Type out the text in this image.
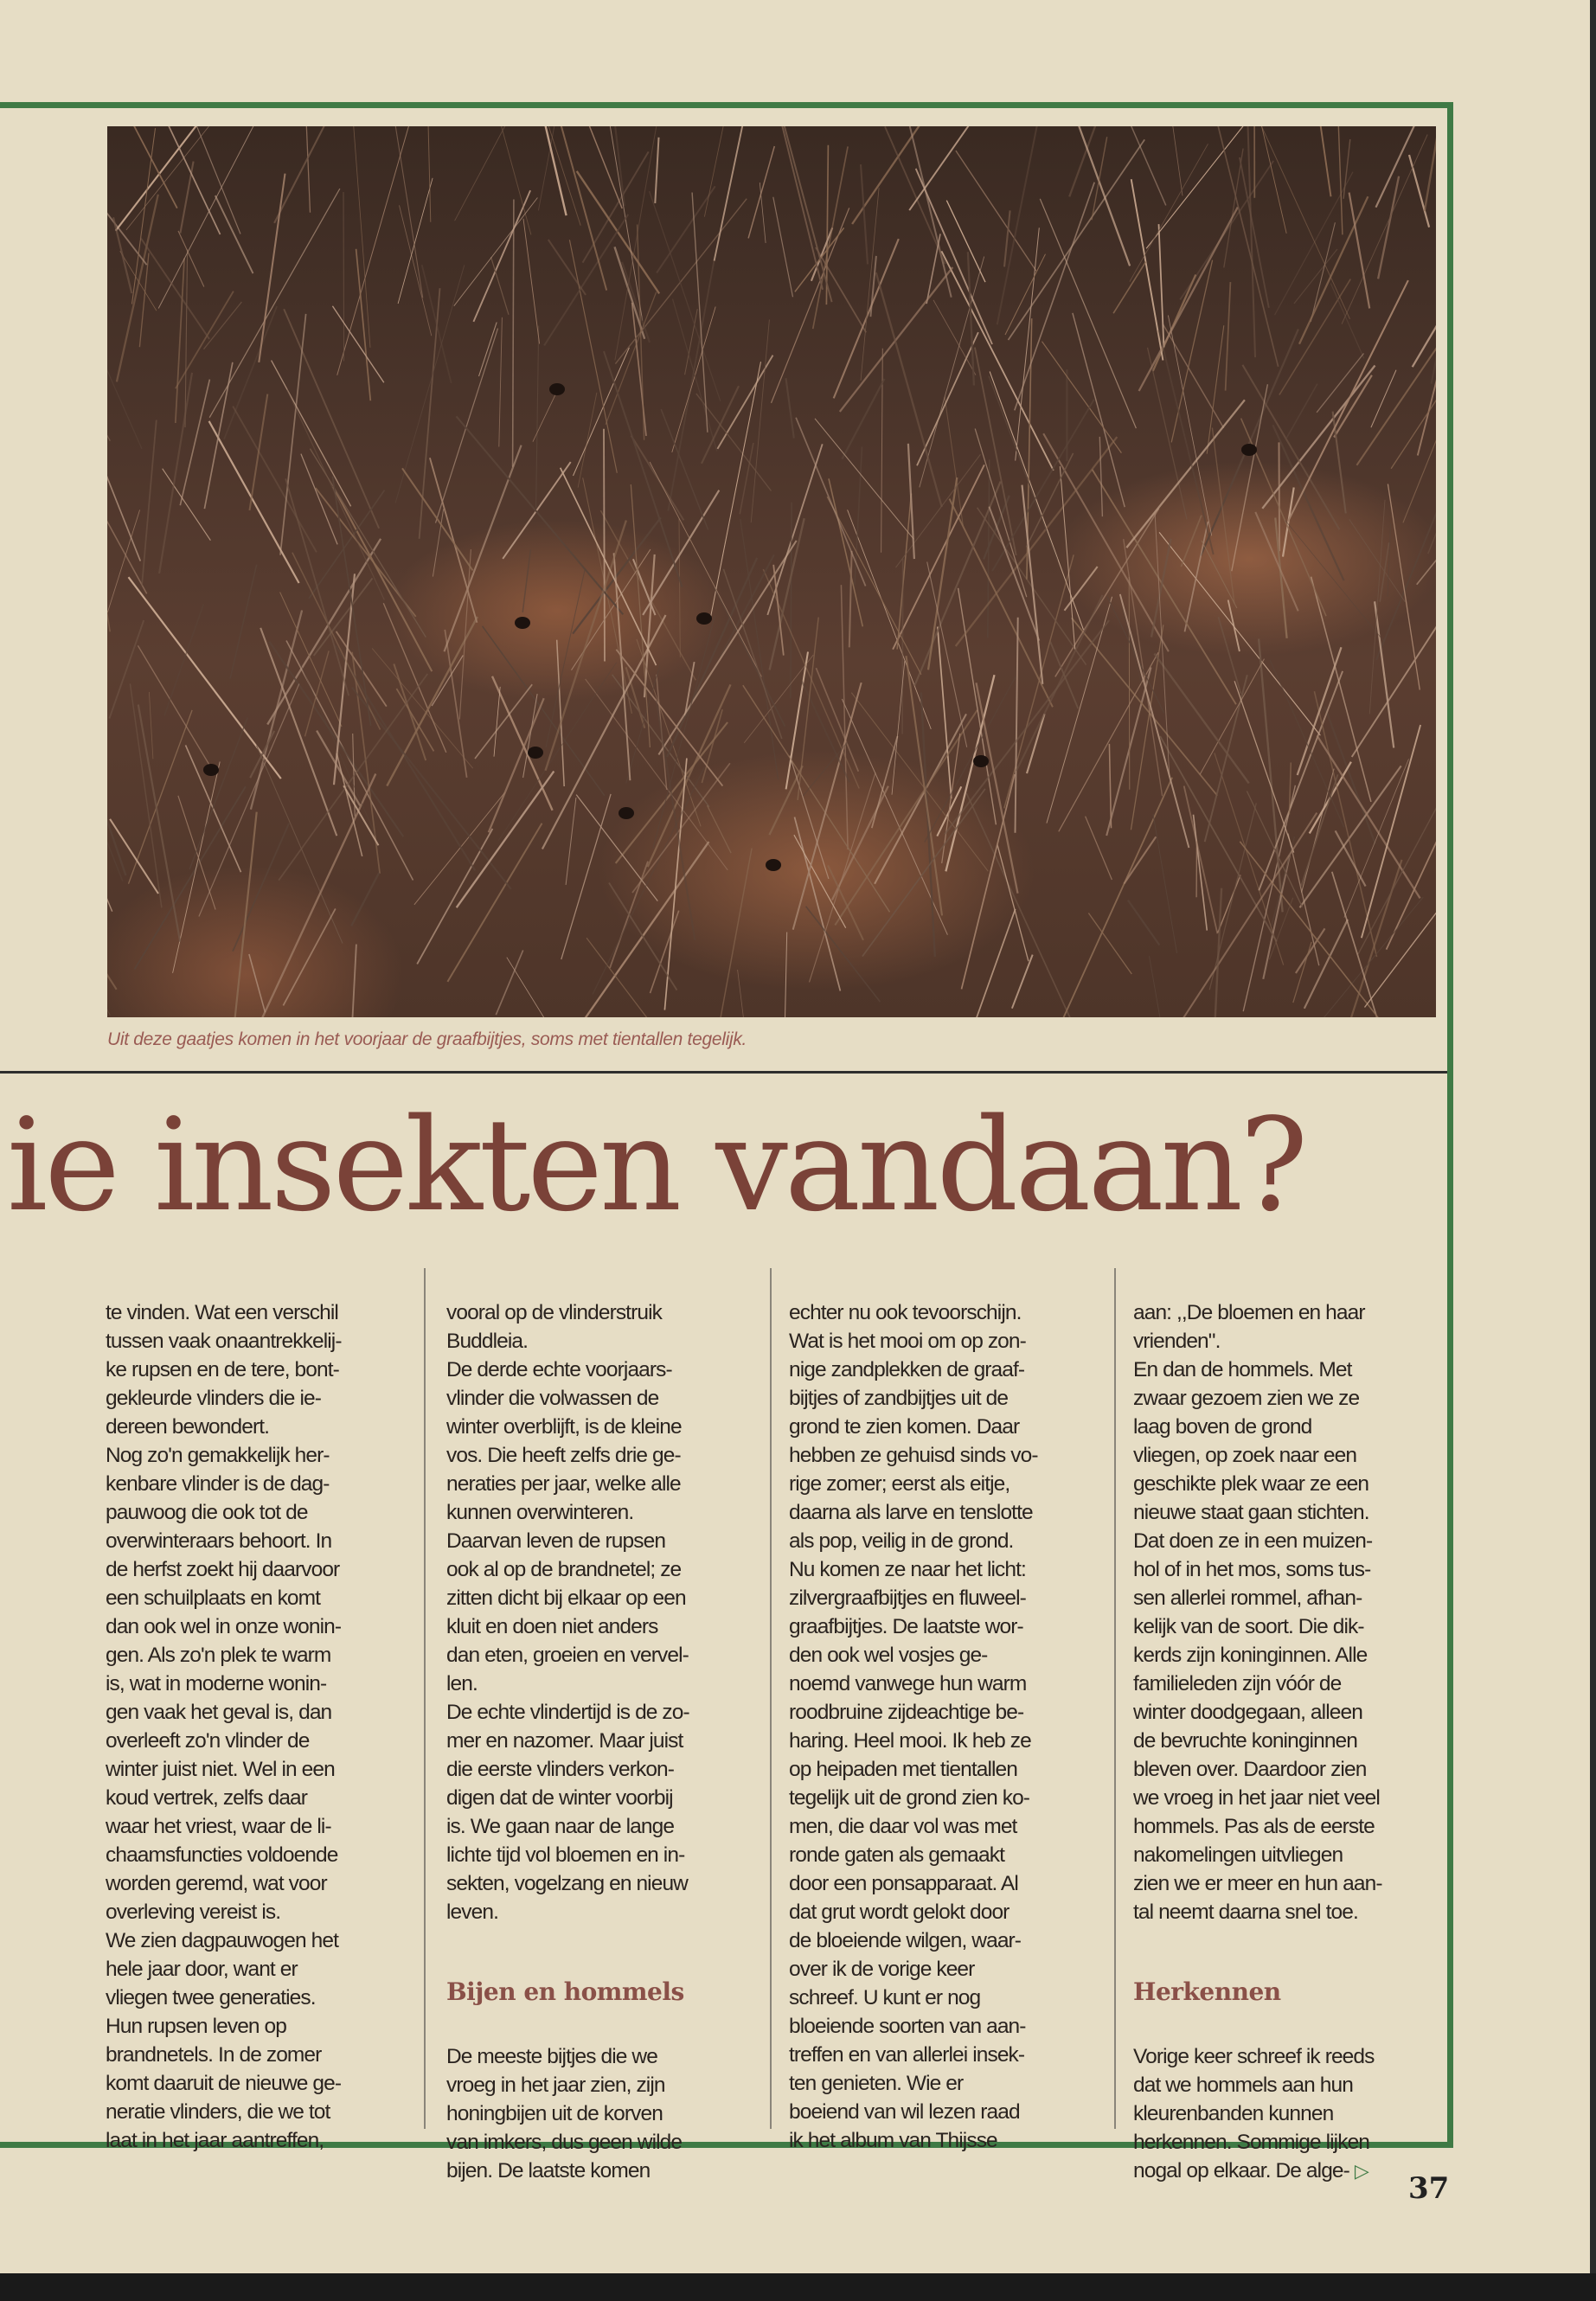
Uit deze gaatjes komen in het voorjaar de graafbijtjes, soms met tientallen tegelijk.
ie insekten vandaan?

te vinden. Wat een verschil
tussen vaak onaantrekkelij-
ke rupsen en de tere, bont-
gekleurde vlinders die ie-
dereen bewondert.
Nog zo'n gemakkelijk her-
kenbare vlinder is de dag-
pauwoog die ook tot de
overwinteraars behoort. In
de herfst zoekt hij daarvoor
een schuilplaats en komt
dan ook wel in onze wonin-
gen. Als zo'n plek te warm
is, wat in moderne wonin-
gen vaak het geval is, dan
overleeft zo'n vlinder de
winter juist niet. Wel in een
koud vertrek, zelfs daar
waar het vriest, waar de li-
chaamsfuncties voldoende
worden geremd, wat voor
overleving vereist is.
We zien dagpauwogen het
hele jaar door, want er
vliegen twee generaties.
Hun rupsen leven op
brandnetels. In de zomer
komt daaruit de nieuwe ge-
neratie vlinders, die we tot
laat in het jaar aantreffen,

vooral op de vlinderstruik
Buddleia.
De derde echte voorjaars-
vlinder die volwassen de
winter overblijft, is de kleine
vos. Die heeft zelfs drie ge-
neraties per jaar, welke alle
kunnen overwinteren.
Daarvan leven de rupsen
ook al op de brandnetel; ze
zitten dicht bij elkaar op een
kluit en doen niet anders
dan eten, groeien en vervel-
len.
De echte vlindertijd is de zo-
mer en nazomer. Maar juist
die eerste vlinders verkon-
digen dat de winter voorbij
is. We gaan naar de lange
lichte tijd vol bloemen en in-
sekten, vogelzang en nieuw
leven.

Bijen en hommels

De meeste bijtjes die we
vroeg in het jaar zien, zijn
honingbijen uit de korven
van imkers, dus geen wilde
bijen. De laatste komen

echter nu ook tevoorschijn.
Wat is het mooi om op zon-
nige zandplekken de graaf-
bijtjes of zandbijtjes uit de
grond te zien komen. Daar
hebben ze gehuisd sinds vo-
rige zomer; eerst als eitje,
daarna als larve en tenslotte
als pop, veilig in de grond.
Nu komen ze naar het licht:
zilvergraafbijtjes en fluweel-
graafbijtjes. De laatste wor-
den ook wel vosjes ge-
noemd vanwege hun warm
roodbruine zijdeachtige be-
haring. Heel mooi. Ik heb ze
op heipaden met tientallen
tegelijk uit de grond zien ko-
men, die daar vol was met
ronde gaten als gemaakt
door een ponsapparaat. Al
dat grut wordt gelokt door
de bloeiende wilgen, waar-
over ik de vorige keer
schreef. U kunt er nog
bloeiende soorten van aan-
treffen en van allerlei insek-
ten genieten. Wie er
boeiend van wil lezen raad
ik het album van Thijsse

aan: ,,De bloemen en haar
vrienden".
En dan de hommels. Met
zwaar gezoem zien we ze
laag boven de grond
vliegen, op zoek naar een
geschikte plek waar ze een
nieuwe staat gaan stichten.
Dat doen ze in een muizen-
hol of in het mos, soms tus-
sen allerlei rommel, afhan-
kelijk van de soort. Die dik-
kerds zijn koninginnen. Alle
familieleden zijn vóór de
winter doodgegaan, alleen
de bevruchte koninginnen
bleven over. Daardoor zien
we vroeg in het jaar niet veel
hommels. Pas als de eerste
nakomelingen uitvliegen
zien we er meer en hun aan-
tal neemt daarna snel toe.

Herkennen

Vorige keer schreef ik reeds
dat we hommels aan hun
kleurenbanden kunnen
herkennen. Sommige lijken
nogal op elkaar. De alge- ▷

37
